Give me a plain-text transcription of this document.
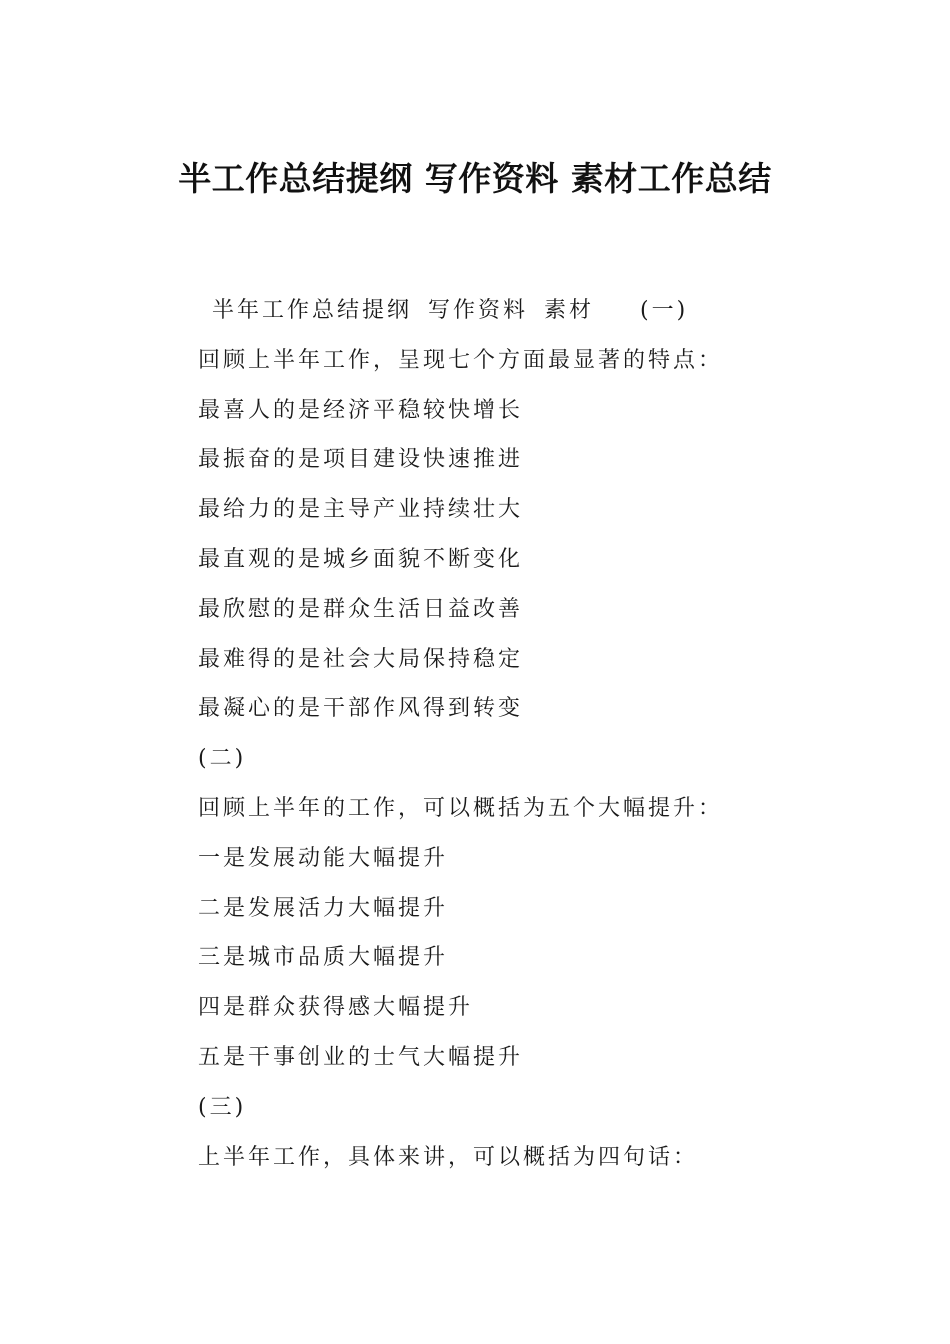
半工作总结提纲 写作资料 素材工作总结
半年工作总结提纲 写作资料 素材 (一)
回顾上半年工作，呈现七个方面最显著的特点：
最喜人的是经济平稳较快增长
最振奋的是项目建设快速推进
最给力的是主导产业持续壮大
最直观的是城乡面貌不断变化
最欣慰的是群众生活日益改善
最难得的是社会大局保持稳定
最凝心的是干部作风得到转变
(二)
回顾上半年的工作，可以概括为五个大幅提升：
一是发展动能大幅提升
二是发展活力大幅提升
三是城市品质大幅提升
四是群众获得感大幅提升
五是干事创业的士气大幅提升
(三)
上半年工作，具体来讲，可以概括为四句话：
